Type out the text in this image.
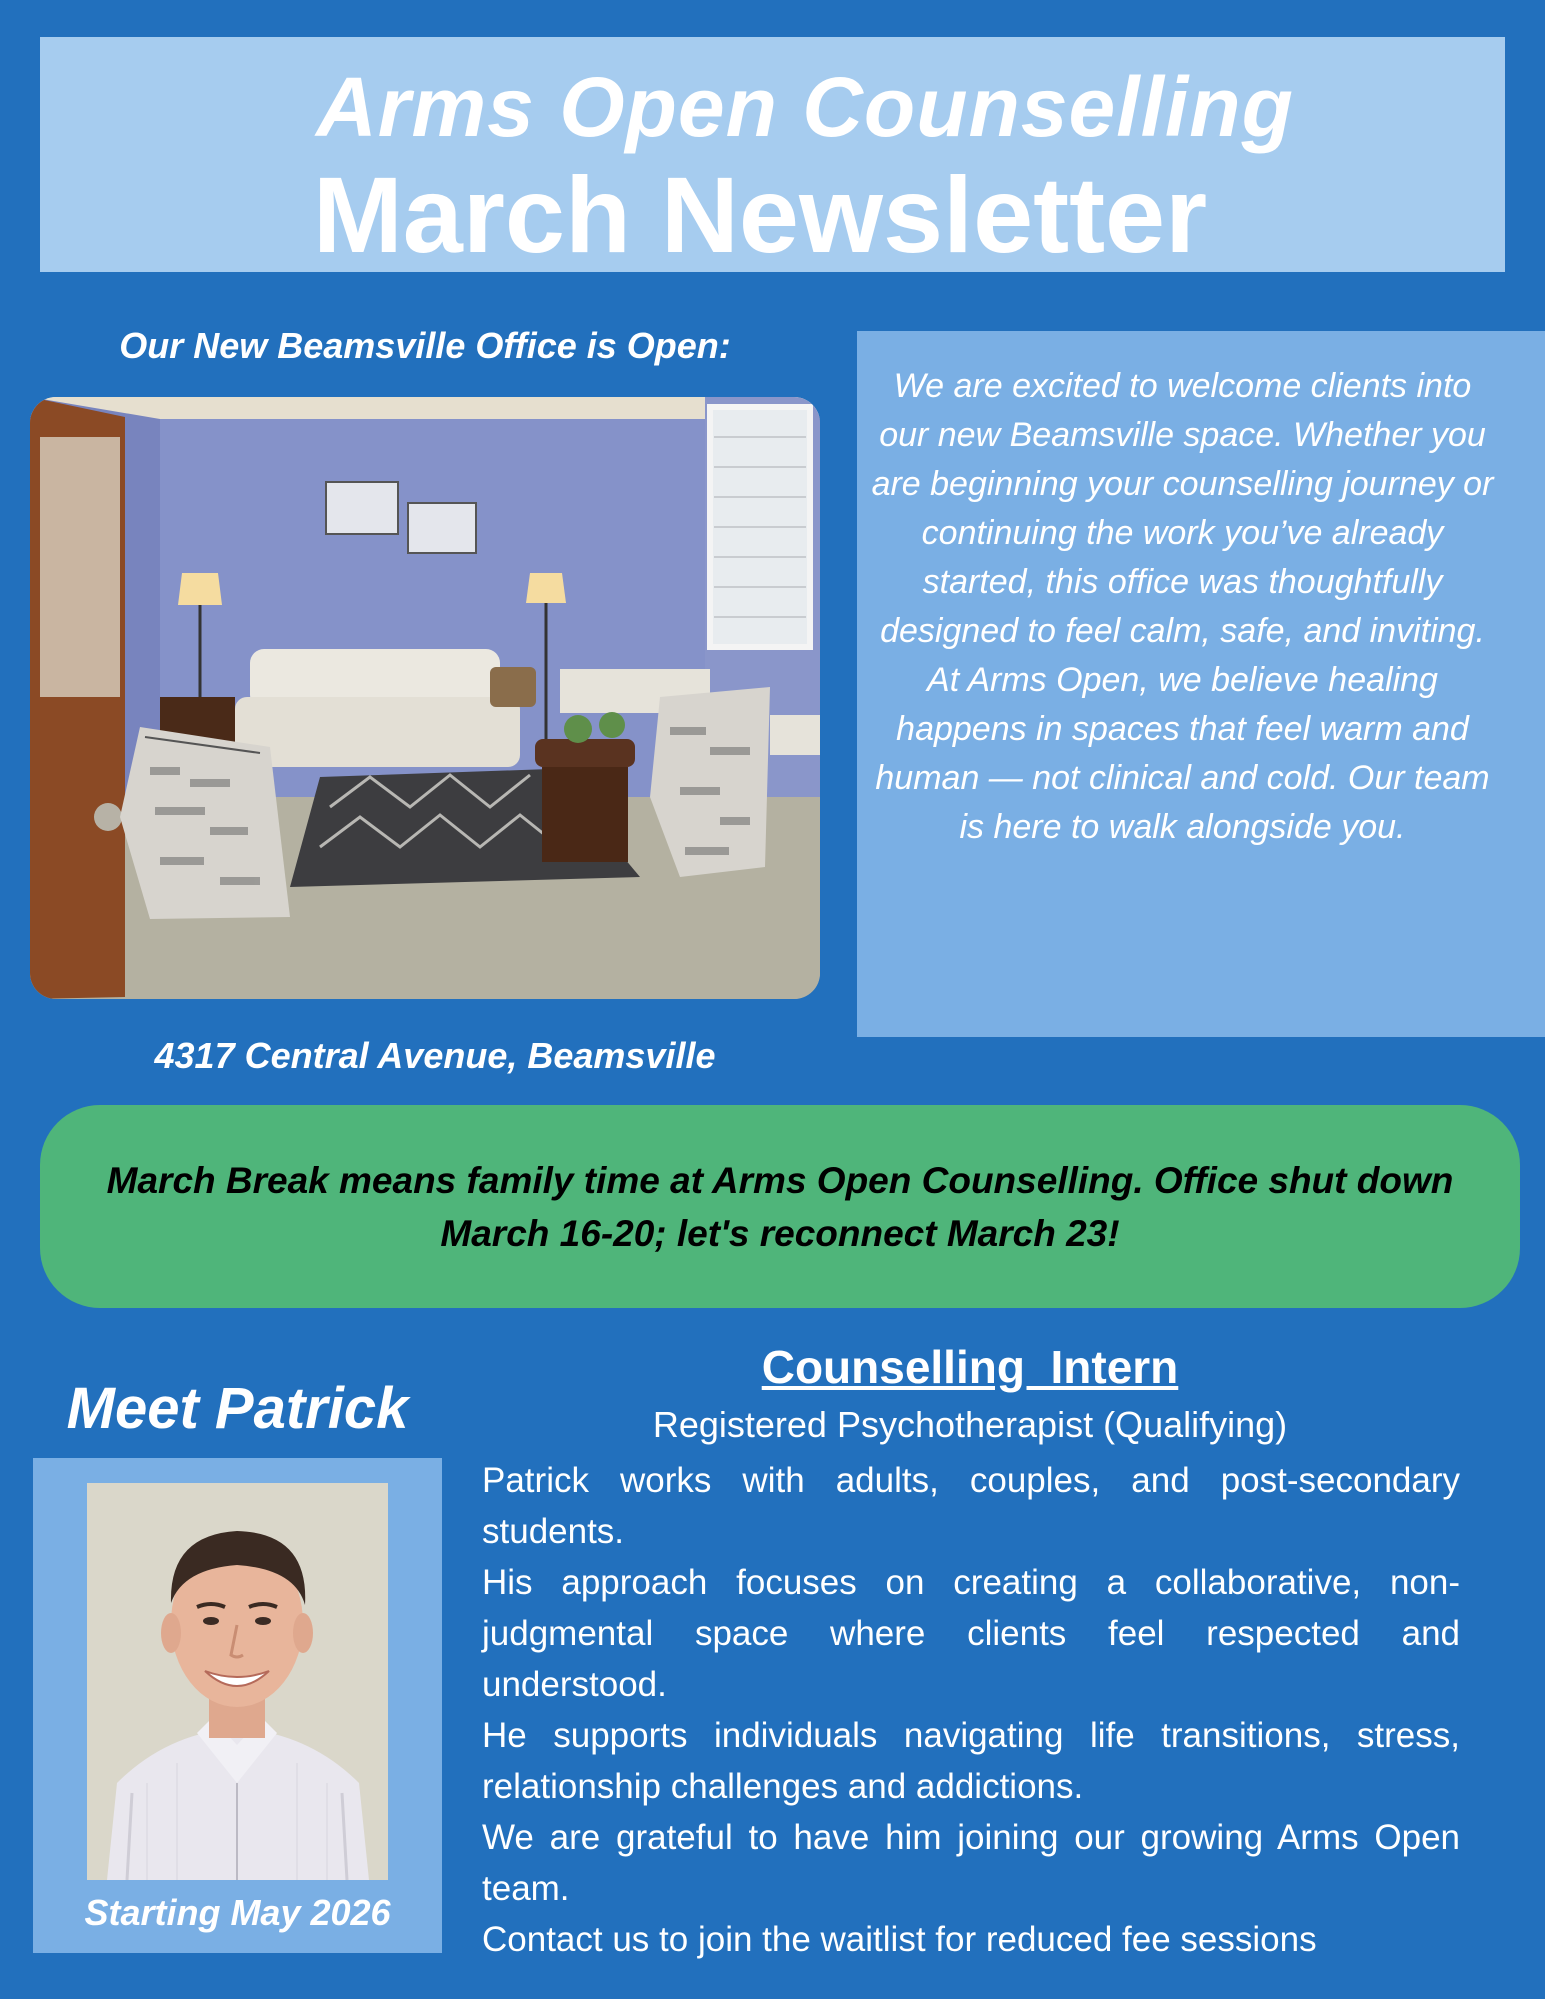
Arms Open Counselling
March Newsletter
Our New Beamsville Office is Open:
4317 Central Avenue, Beamsville

We are excited to welcome clients into our new Beamsville space. Whether you are beginning your counselling journey or continuing the work you’ve already started, this office was thoughtfully designed to feel calm, safe, and inviting.

At Arms Open, we believe healing happens in spaces that feel warm and human — not clinical and cold. Our team is here to walk alongside you.

March Break means family time at Arms Open Counselling. Office shut down March 16-20; let's reconnect March 23!
Meet Patrick
Starting May 2026
Counselling  Intern
Registered Psychotherapist (Qualifying)

Patrick works with adults, couples, and post-secondary students.

His approach focuses on creating a collaborative, non-judgmental space where clients feel respected and understood.

He supports individuals navigating life transitions, stress, relationship challenges and addictions.

We are grateful to have him joining our growing Arms Open team.

Contact us to join the waitlist for reduced fee sessions
